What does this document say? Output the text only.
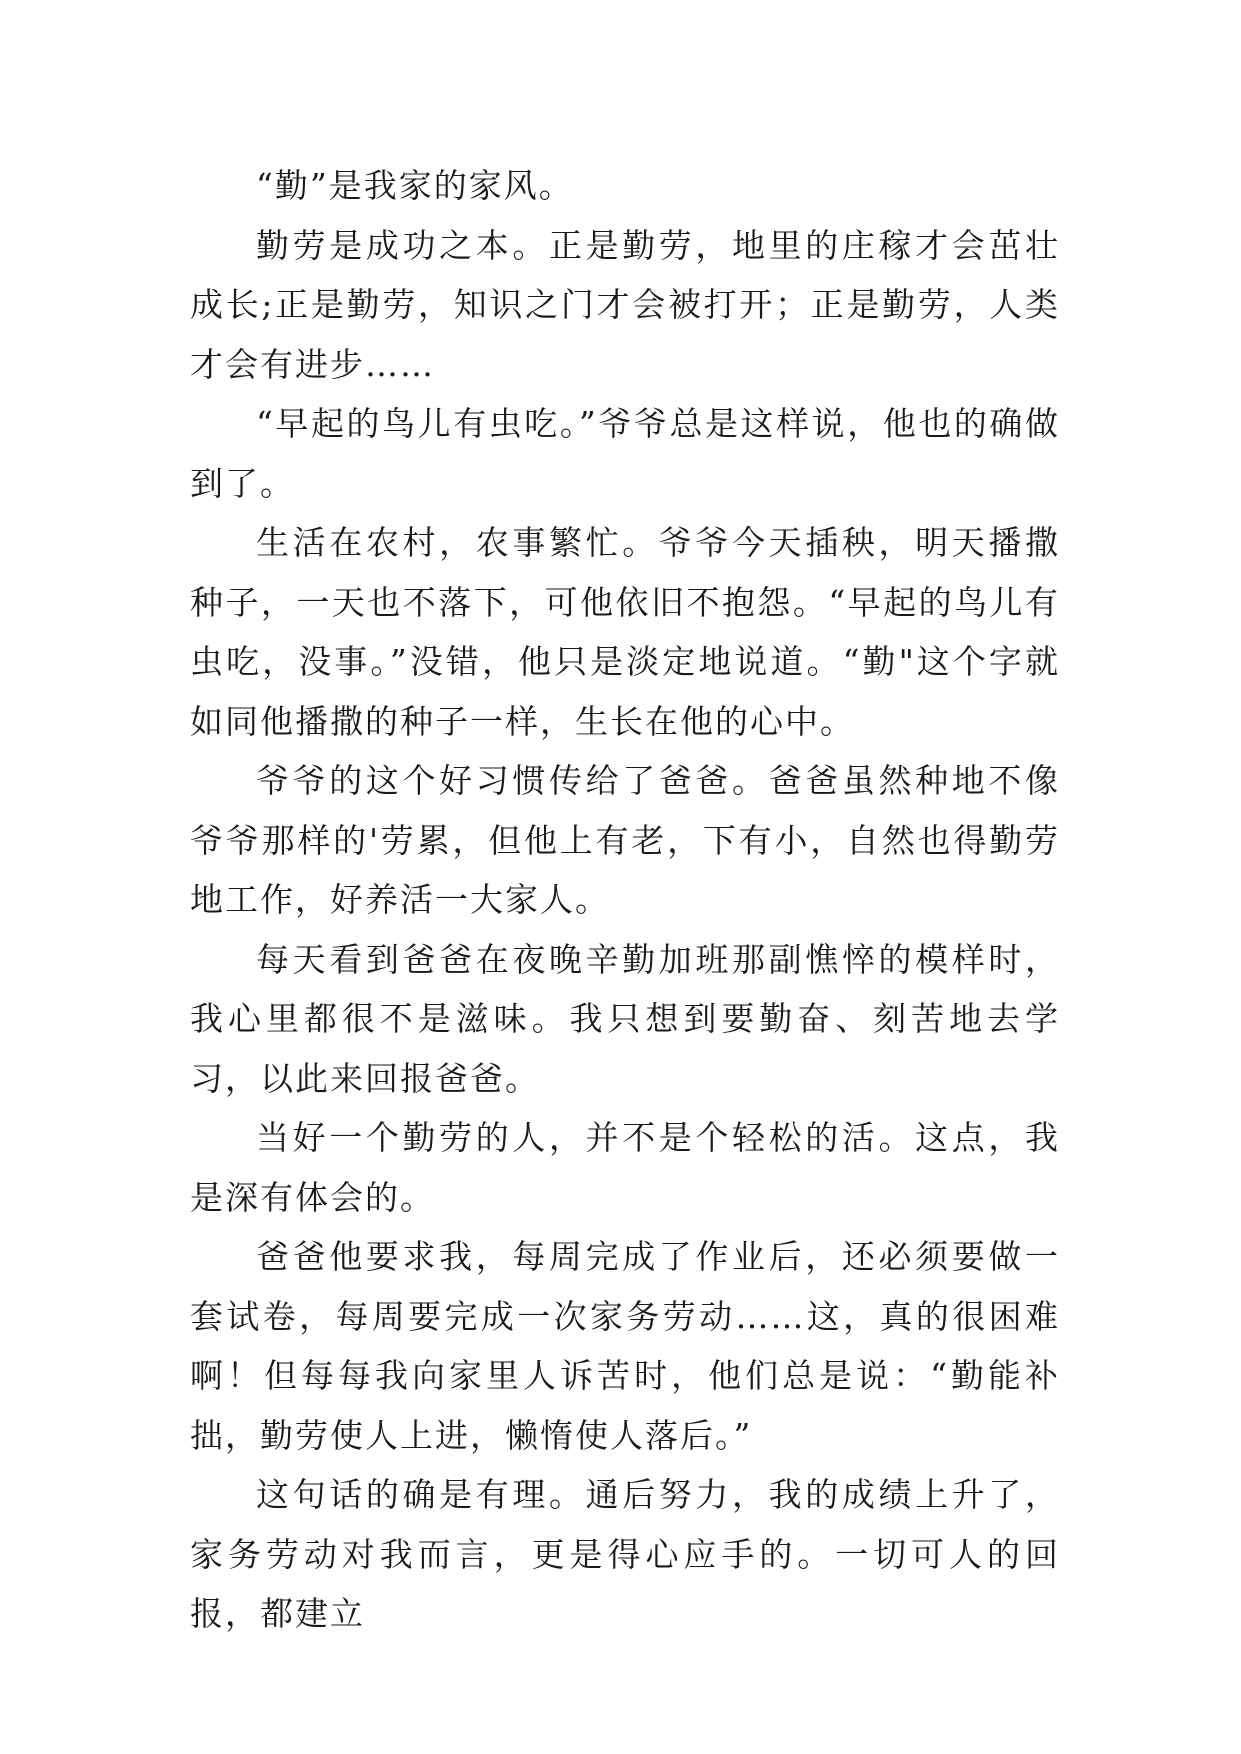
“勤”是我家的家风。

勤劳是成功之本。正是勤劳，地里的庄稼才会茁壮成长;正是勤劳，知识之门才会被打开；正是勤劳，人类才会有进步……

“早起的鸟儿有虫吃。”爷爷总是这样说，他也的确做到了。

生活在农村，农事繁忙。爷爷今天插秧，明天播撒种子，一天也不落下，可他依旧不抱怨。“早起的鸟儿有虫吃，没事。”没错，他只是淡定地说道。“勤"这个字就如同他播撒的种子一样，生长在他的心中。

爷爷的这个好习惯传给了爸爸。爸爸虽然种地不像爷爷那样的'劳累，但他上有老，下有小，自然也得勤劳地工作，好养活一大家人。

每天看到爸爸在夜晚辛勤加班那副憔悴的模样时，我心里都很不是滋味。我只想到要勤奋、刻苦地去学习，以此来回报爸爸。

当好一个勤劳的人，并不是个轻松的活。这点，我是深有体会的。

爸爸他要求我，每周完成了作业后，还必须要做一套试卷，每周要完成一次家务劳动……这，真的很困难啊！但每每我向家里人诉苦时，他们总是说：“勤能补拙，勤劳使人上进，懒惰使人落后。”

这句话的确是有理。通后努力，我的成绩上升了，家务劳动对我而言，更是得心应手的。一切可人的回报，都建立
